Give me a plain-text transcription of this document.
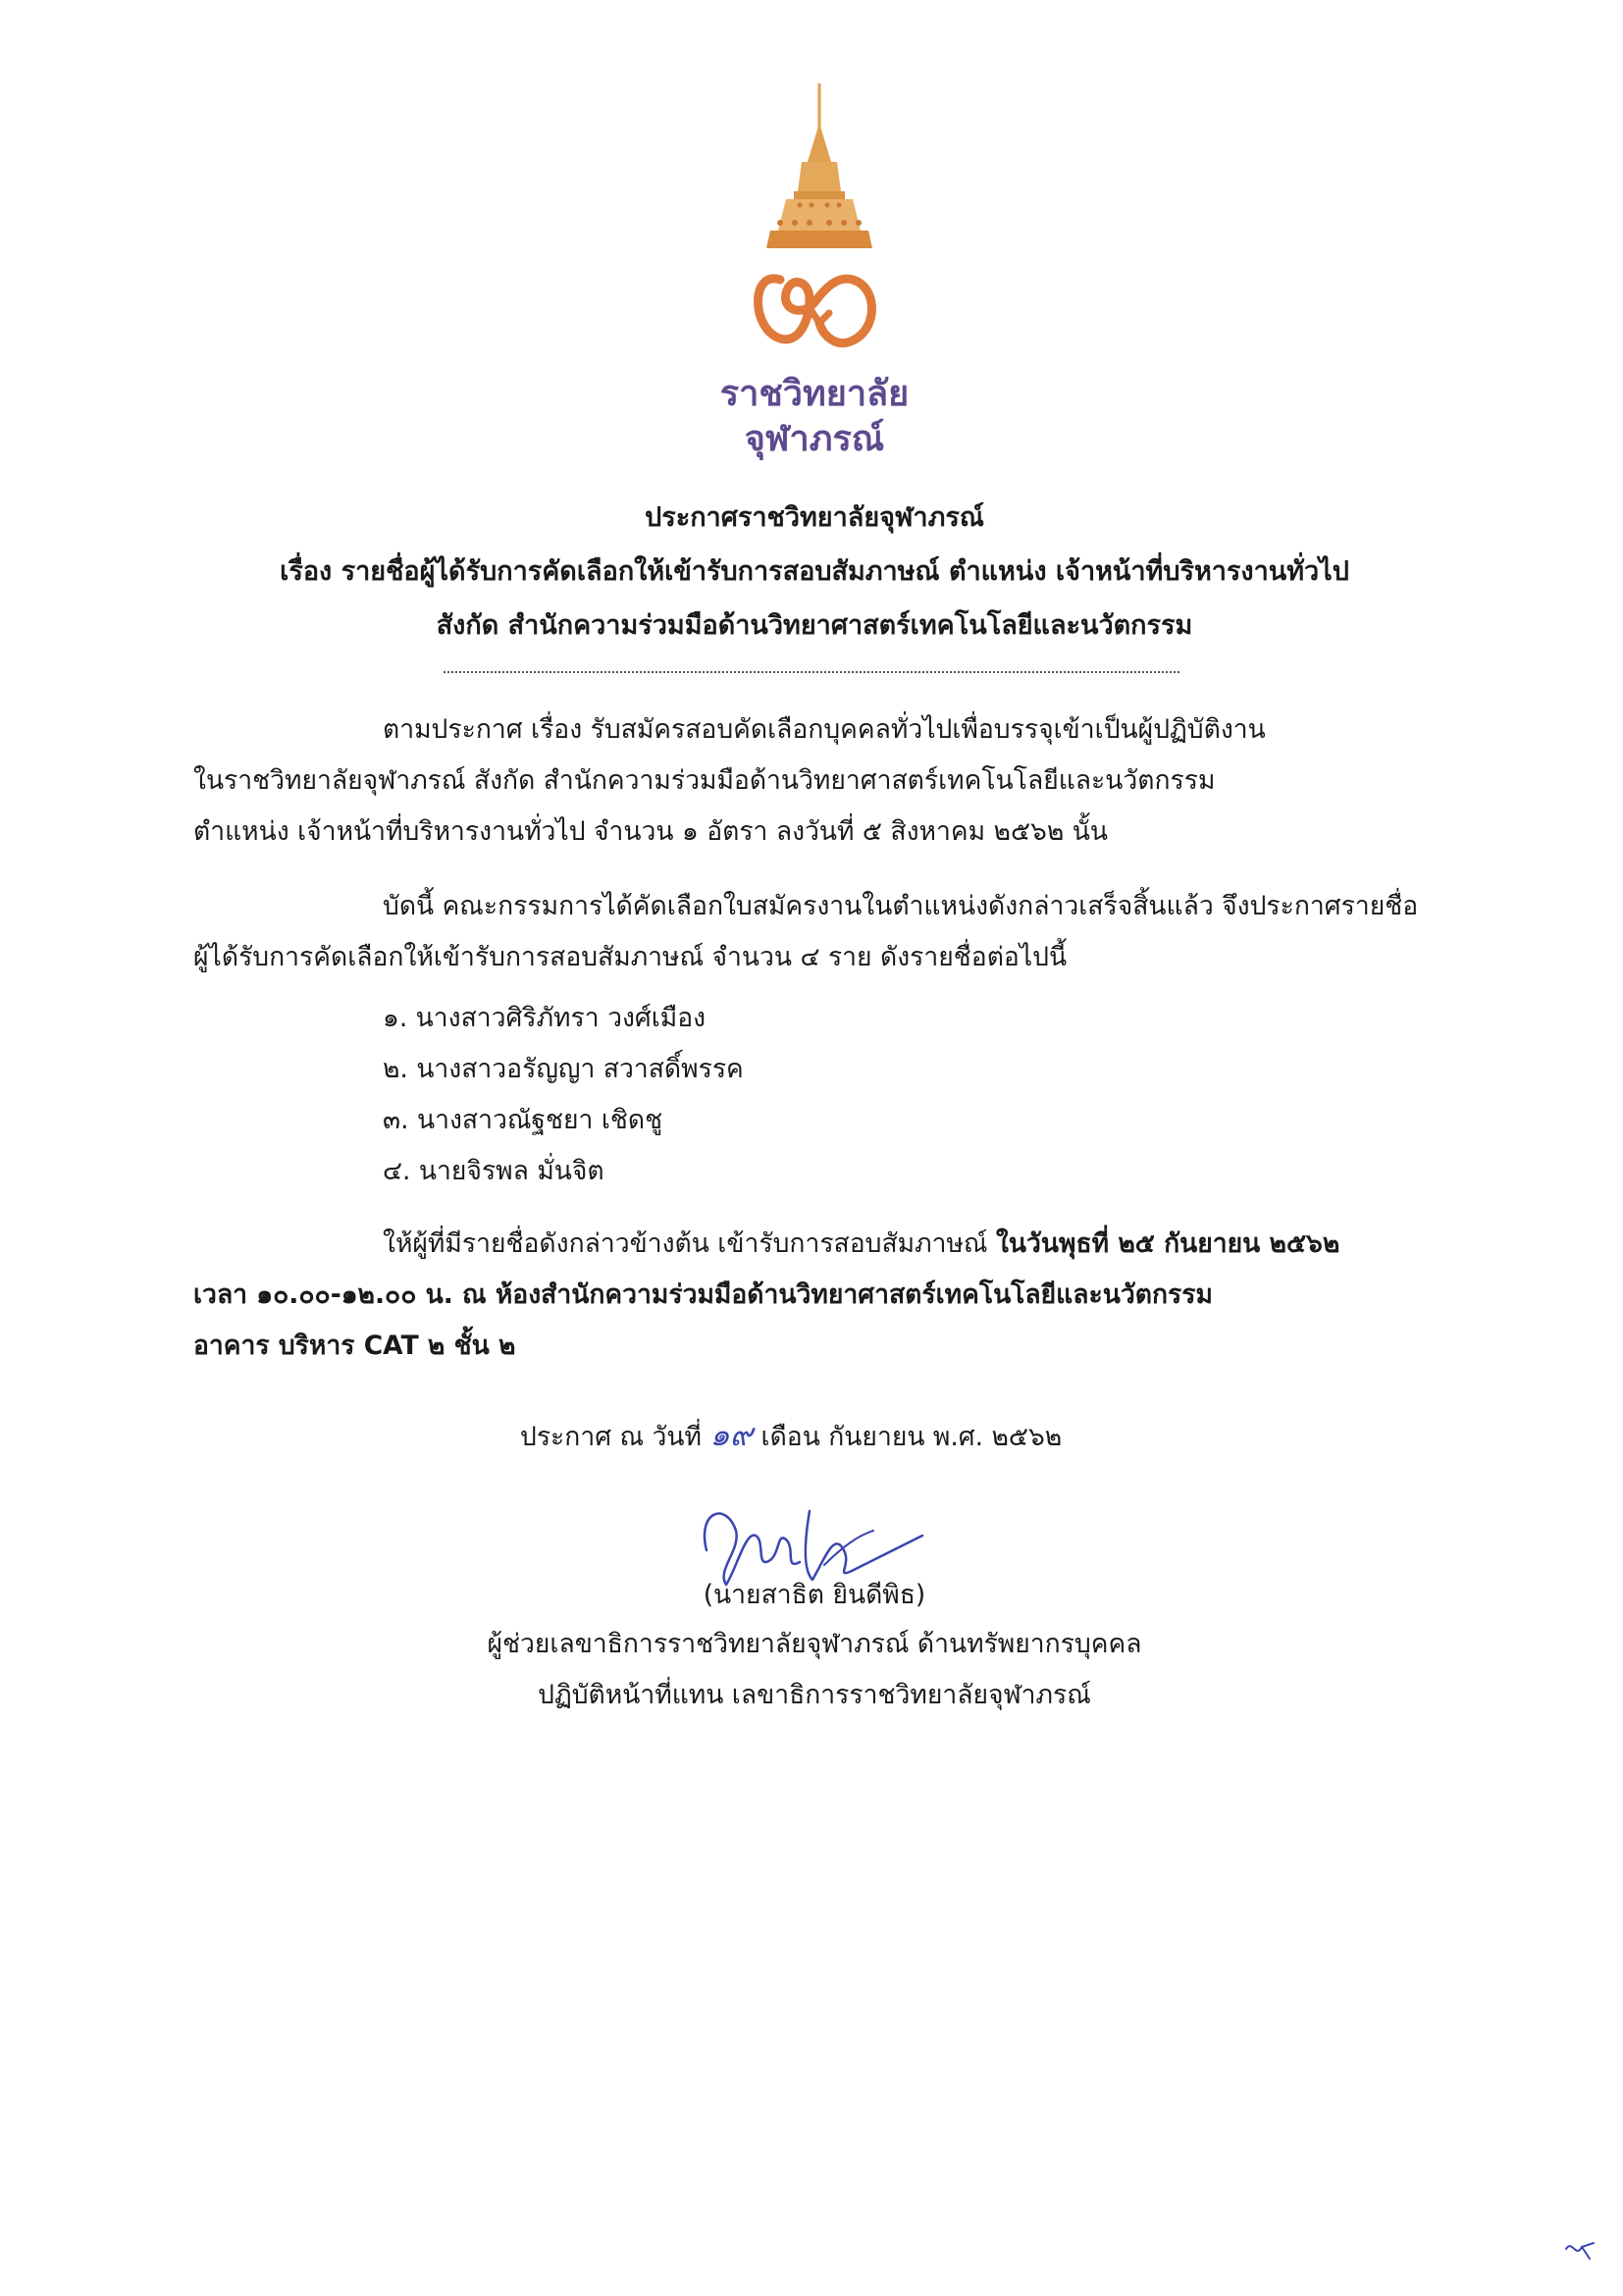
ราชวิทยาลัย
จุฬาภรณ์
ประกาศราชวิทยาลัยจุฬาภรณ์
เรื่อง รายชื่อผู้ได้รับการคัดเลือกให้เข้ารับการสอบสัมภาษณ์ ตำแหน่ง เจ้าหน้าที่บริหารงานทั่วไป
สังกัด สำนักความร่วมมือด้านวิทยาศาสตร์เทคโนโลยีและนวัตกรรม
ตามประกาศ เรื่อง รับสมัครสอบคัดเลือกบุคคลทั่วไปเพื่อบรรจุเข้าเป็นผู้ปฏิบัติงาน
ในราชวิทยาลัยจุฬาภรณ์ สังกัด สำนักความร่วมมือด้านวิทยาศาสตร์เทคโนโลยีและนวัตกรรม
ตำแหน่ง เจ้าหน้าที่บริหารงานทั่วไป จำนวน ๑ อัตรา ลงวันที่ ๕ สิงหาคม ๒๕๖๒ นั้น
บัดนี้ คณะกรรมการได้คัดเลือกใบสมัครงานในตำแหน่งดังกล่าวเสร็จสิ้นแล้ว จึงประกาศรายชื่อ
ผู้ได้รับการคัดเลือกให้เข้ารับการสอบสัมภาษณ์ จำนวน ๔ ราย ดังรายชื่อต่อไปนี้
๑. นางสาวศิริภัทรา วงศ์เมือง
๒. นางสาวอรัญญา สวาสดิ์พรรค
๓. นางสาวณัฐชยา เชิดชู
๔. นายจิรพล มั่นจิต
ให้ผู้ที่มีรายชื่อดังกล่าวข้างต้น เข้ารับการสอบสัมภาษณ์ ในวันพุธที่ ๒๕ กันยายน ๒๕๖๒
เวลา ๑๐.๐๐-๑๒.๐๐ น. ณ ห้องสำนักความร่วมมือด้านวิทยาศาสตร์เทคโนโลยีและนวัตกรรม
อาคาร บริหาร CAT ๒ ชั้น ๒
ประกาศ ณ วันที่ ๑๙ เดือน กันยายน พ.ศ. ๒๕๖๒
(นายสาธิต ยินดีพิธ)
ผู้ช่วยเลขาธิการราชวิทยาลัยจุฬาภรณ์ ด้านทรัพยากรบุคคล
ปฏิบัติหน้าที่แทน เลขาธิการราชวิทยาลัยจุฬาภรณ์
